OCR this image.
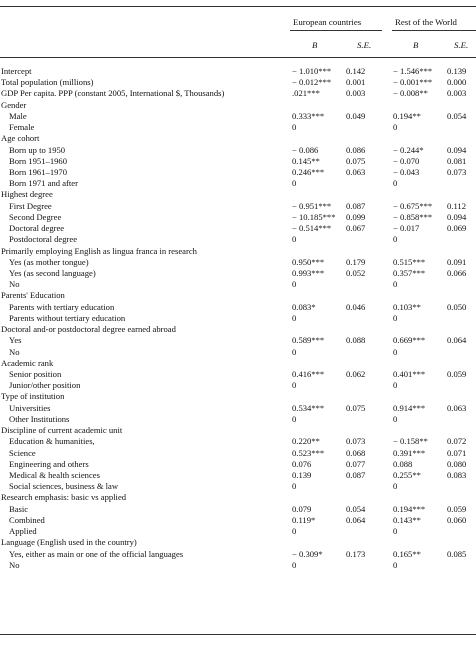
European countries	Rest of the World
B	S.E.	B	S.E.
Intercept	− 1.010*** 0.142	− 1.546*** 0.139
Total population (millions)	− 0.012*** 0.001	− 0.001*** 0.000
GDP Per capita. PPP (constant 2005, International $, Thousands)	.021***	0.003	− 0.008** 0.003
Gender
Male	0.333***	0.049	0.194**	0.054
Female	0	0
Age cohort
Born up to 1950	− 0.086	0.086	− 0.244*	0.094
Born 1951–1960	0.145**	0.075	− 0.070	0.081
Born 1961–1970	0.246***	0.063	− 0.043	0.073
Born 1971 and after	0	0
Highest degree
First Degree	− 0.951*** 0.087	− 0.675*** 0.112
Second Degree	− 10.185*** 0.099	− 0.858*** 0.094
Doctoral degree	− 0.514*** 0.067	− 0.017	0.069
Postdoctoral degree	0	0
Primarily employing English as lingua franca in research
Yes (as mother tongue)	0.950***	0.179	0.515***	0.091
Yes (as second language)	0.993***	0.052	0.357***	0.066
No	0	0
Parents' Education
Parents with tertiary education	0.083*	0.046	0.103**	0.050
Parents without tertiary education	0	0
Doctoral and-or postdoctoral degree earned abroad
Yes	0.589***	0.088	0.669***	0.064
No	0	0
Academic rank
Senior position	0.416***	0.062	0.401***	0.059
Junior/other position	0	0
Type of institution
Universities	0.534***	0.075	0.914***	0.063
Other Institutions	0	0
Discipline of current academic unit
Education & humanities,	0.220**	0.073	− 0.158** 0.072
Science	0.523***	0.068	0.391***	0.071
Engineering and others	0.076	0.077	0.088	0.080
Medical & health sciences	0.139	0.087	0.255**	0.083
Social sciences, business & law	0	0
Research emphasis: basic vs applied
Basic	0.079	0.054	0.194***	0.059
Combined	0.119*	0.064	0.143**	0.060
Applied	0	0
Language (English used in the country)
Yes, either as main or one of the official languages	− 0.309*	0.173	0.165**	0.085
No	0	0
